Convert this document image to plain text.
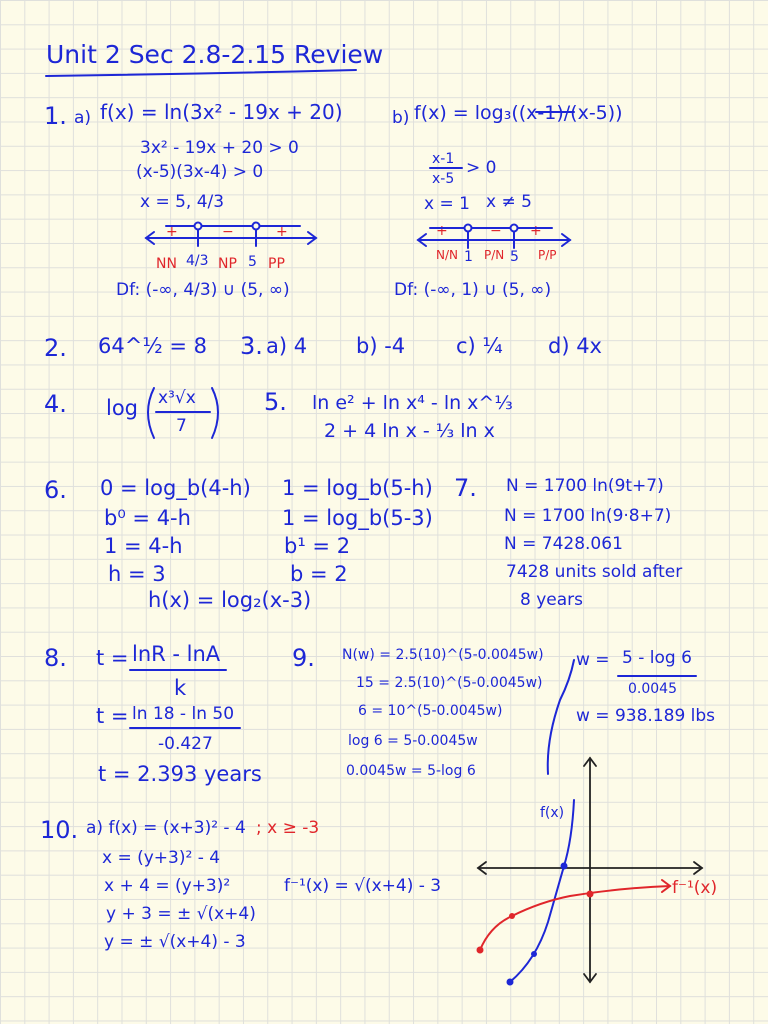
Unit 2 Sec 2.8-2.15 Review
1. a) f(x) = ln(3x² - 19x + 20)
3x² - 19x + 20 > 0
(x-5)(3x-4) > 0
x = 5, 4/3
+	−	+
NN 4/3 NP 5 PP
Df: (-∞, 4/3) ∪ (5, ∞)
b) f(x) = log₃((x-1)/(x-5))
x-1
x-5
> 0
x = 1 x ≠ 5
+	− +
N/N 1 P/N 5 P/P
Df: (-∞, 1) ∪ (5, ∞)
2. 64^½ = 8 3. a) 4 b) -4 c) ¼ d) 4x
4. log x³√x
7
5. ln e² + ln x⁴ - ln x^⅓
2 + 4 ln x - ⅓ ln x
6. 0 = log_b(4-h)
b⁰ = 4-h
1 = 4-h
h = 3
1 = log_b(5-h)
1 = log_b(5-3)
b¹ = 2
b = 2
h(x) = log₂(x-3)
7. N = 1700 ln(9t+7)
N = 1700 ln(9·8+7)
N = 7428.061
7428 units sold after
8 years
8. t = lnR - lnA
k
t = ln 18 - ln 50
-0.427
t = 2.393 years
9. N(w) = 2.5(10)^(5-0.0045w)
15 = 2.5(10)^(5-0.0045w)
6 = 10^(5-0.0045w)
log 6 = 5-0.0045w
0.0045w = 5-log 6
w = 5 - log 6
0.0045
w = 938.189 lbs
10. a) f(x) = (x+3)² - 4 ; x ≥ -3
x = (y+3)² - 4
x + 4 = (y+3)²
y + 3 = ± √(x+4)
y = ± √(x+4) - 3
f⁻¹(x) = √(x+4) - 3
f(x)
f⁻¹(x)
